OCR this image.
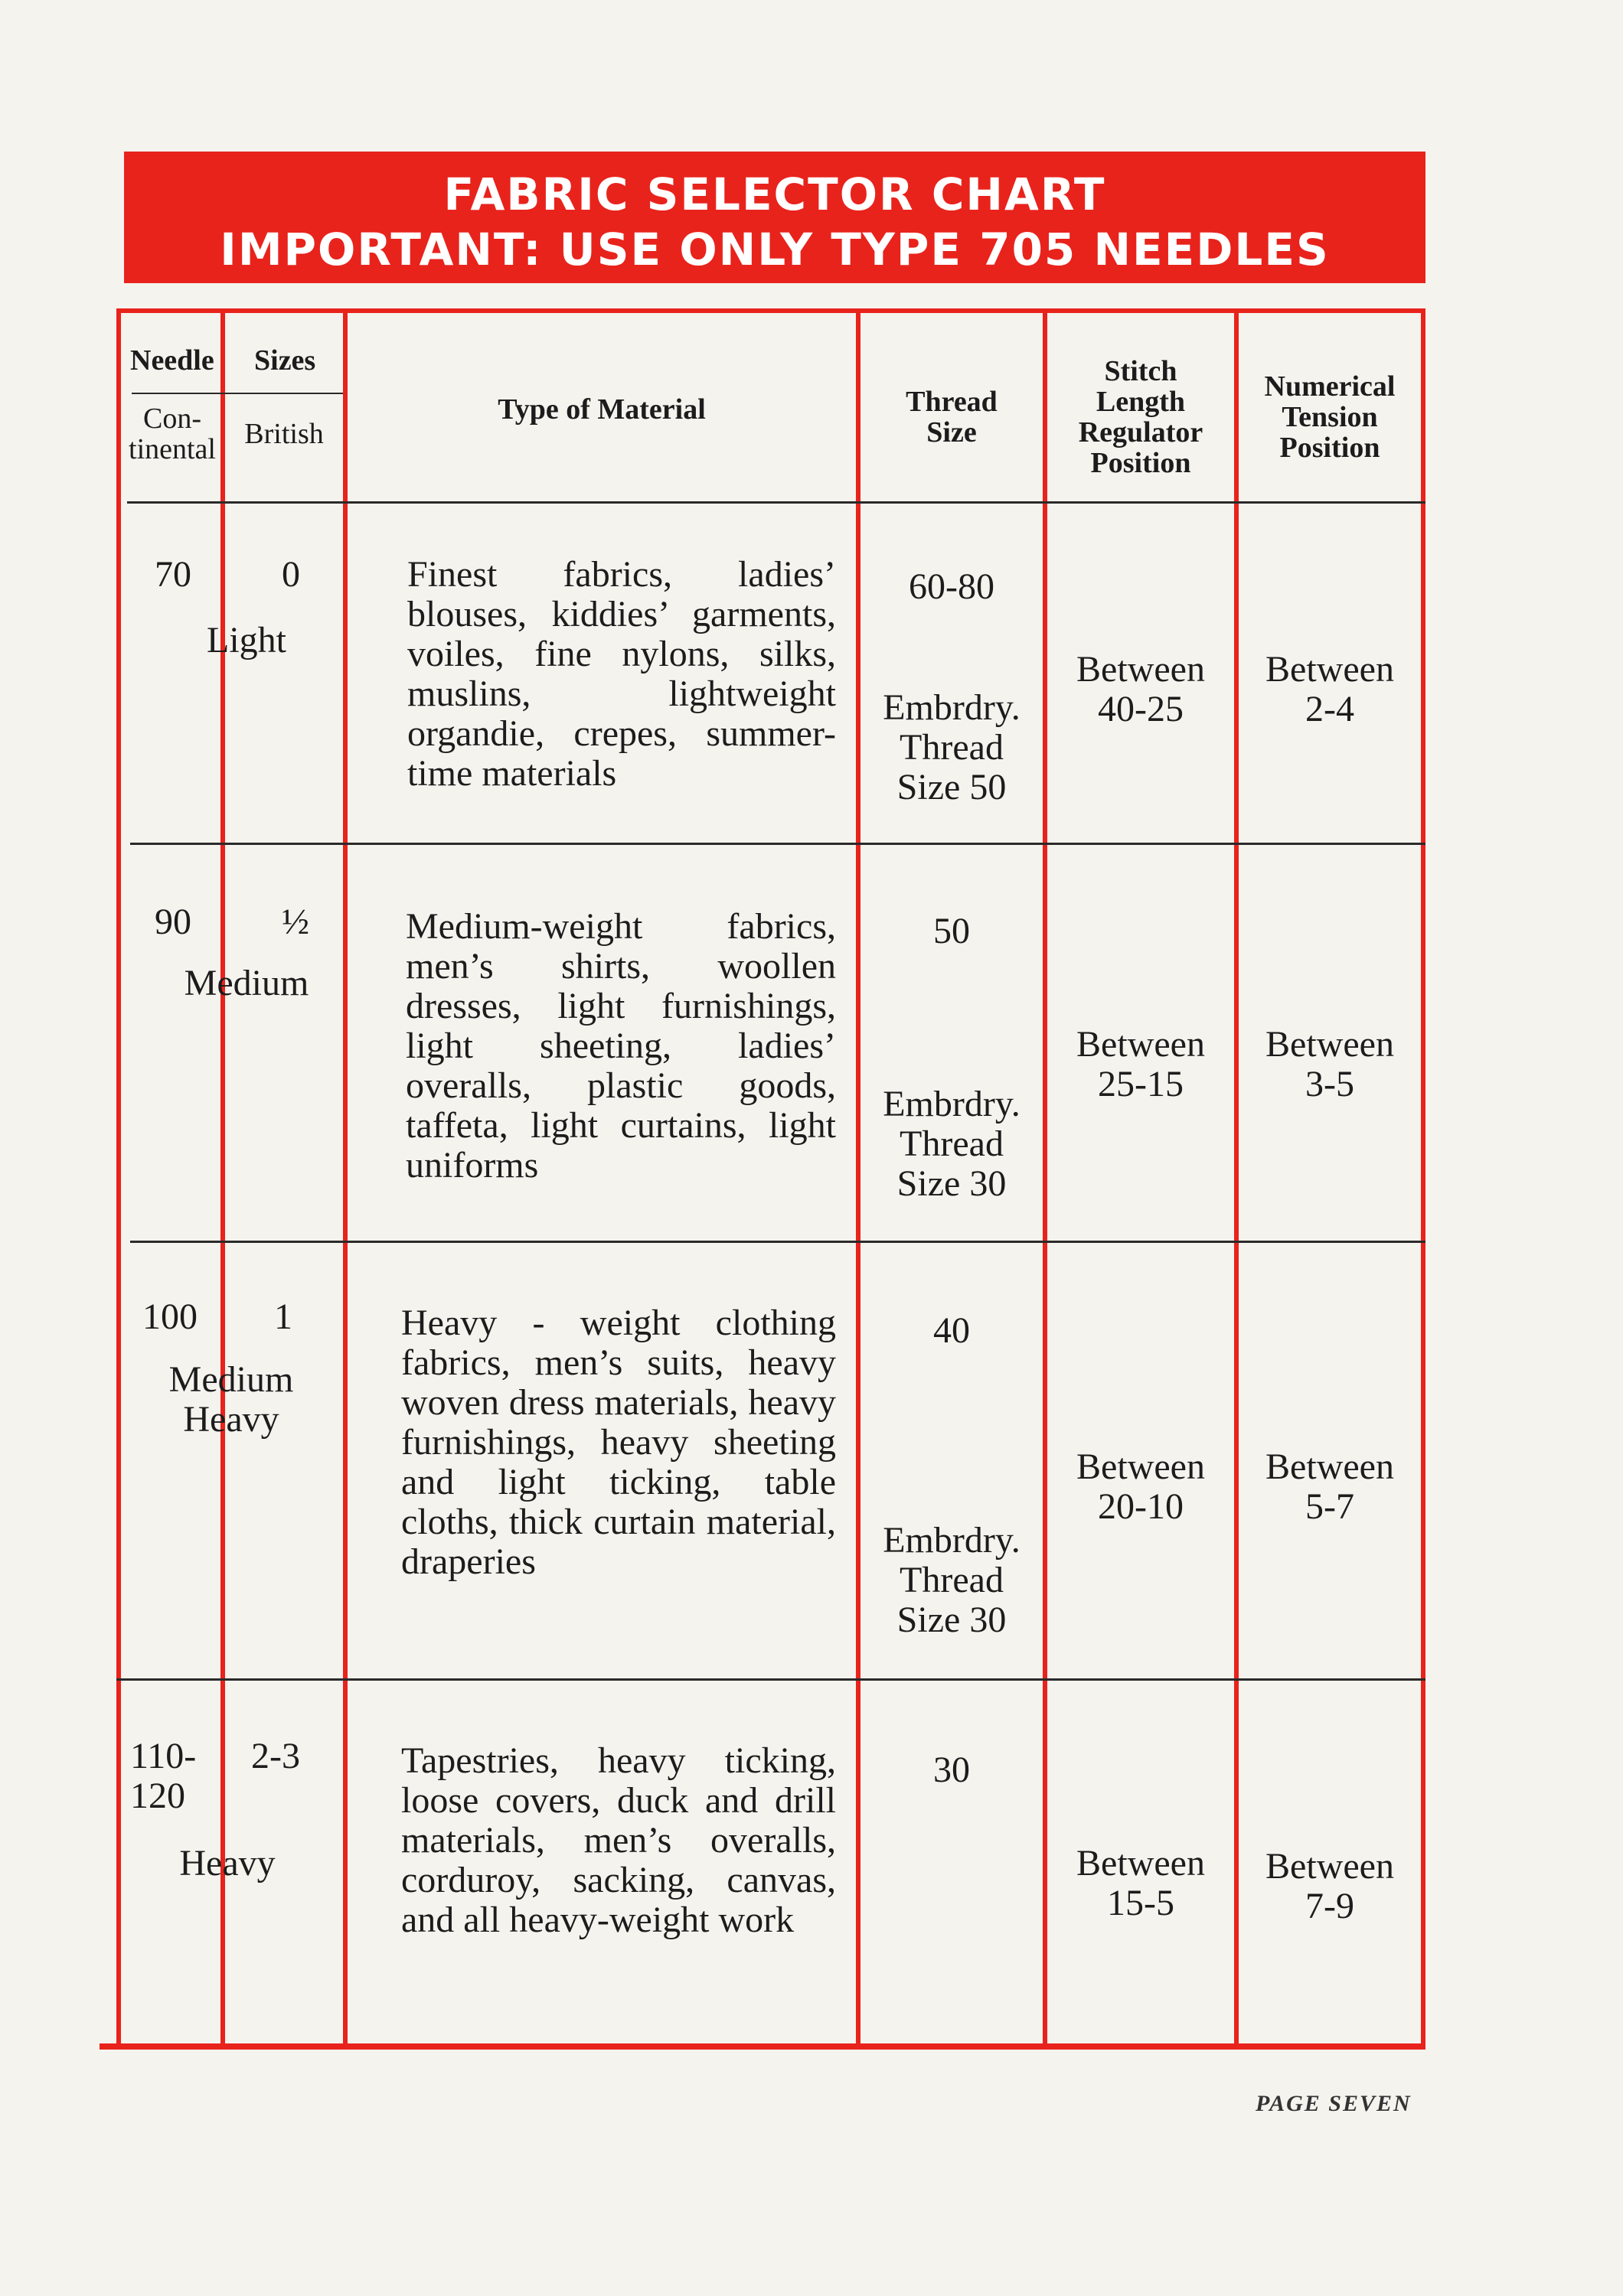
FABRIC SELECTOR CHART
IMPORTANT: USE ONLY TYPE 705 NEEDLES
Needle Sizes
Con-
tinental British
Type of Material	Thread
Size
Stitch
Length
Regulator
Position
Numerical
Tension
Position
70 0
Light
Finest fabrics, ladies’ blouses, kiddies’ garments, voiles, fine nylons, silks, muslins, lightweight organdie, crepes, summer-time materials
60-80
Embrdry.
Thread
Size 50
Between
40-25
Between
2-4
90 ½
Medium
Medium-weight fabrics, men’s shirts, woollen dresses, light furnishings, light sheeting, ladies’ overalls, plastic goods, taffeta, light curtains, light uniforms
50
Embrdry.
Thread
Size 30
Between
25-15
Between
3-5
100 1
Medium
Heavy
Heavy - weight clothing fabrics, men’s suits, heavy woven dress materials, heavy furnishings, heavy sheeting and light ticking, table cloths, thick curtain material, draperies
40
Embrdry.
Thread
Size 30
Between
20-10
Between
5-7
110-
120
2-3
Heavy
Tapestries, heavy ticking, loose covers, duck and drill materials, men’s overalls, corduroy, sacking, canvas, and all heavy-weight work
30
Between
15-5
Between
7-9
PAGE SEVEN
